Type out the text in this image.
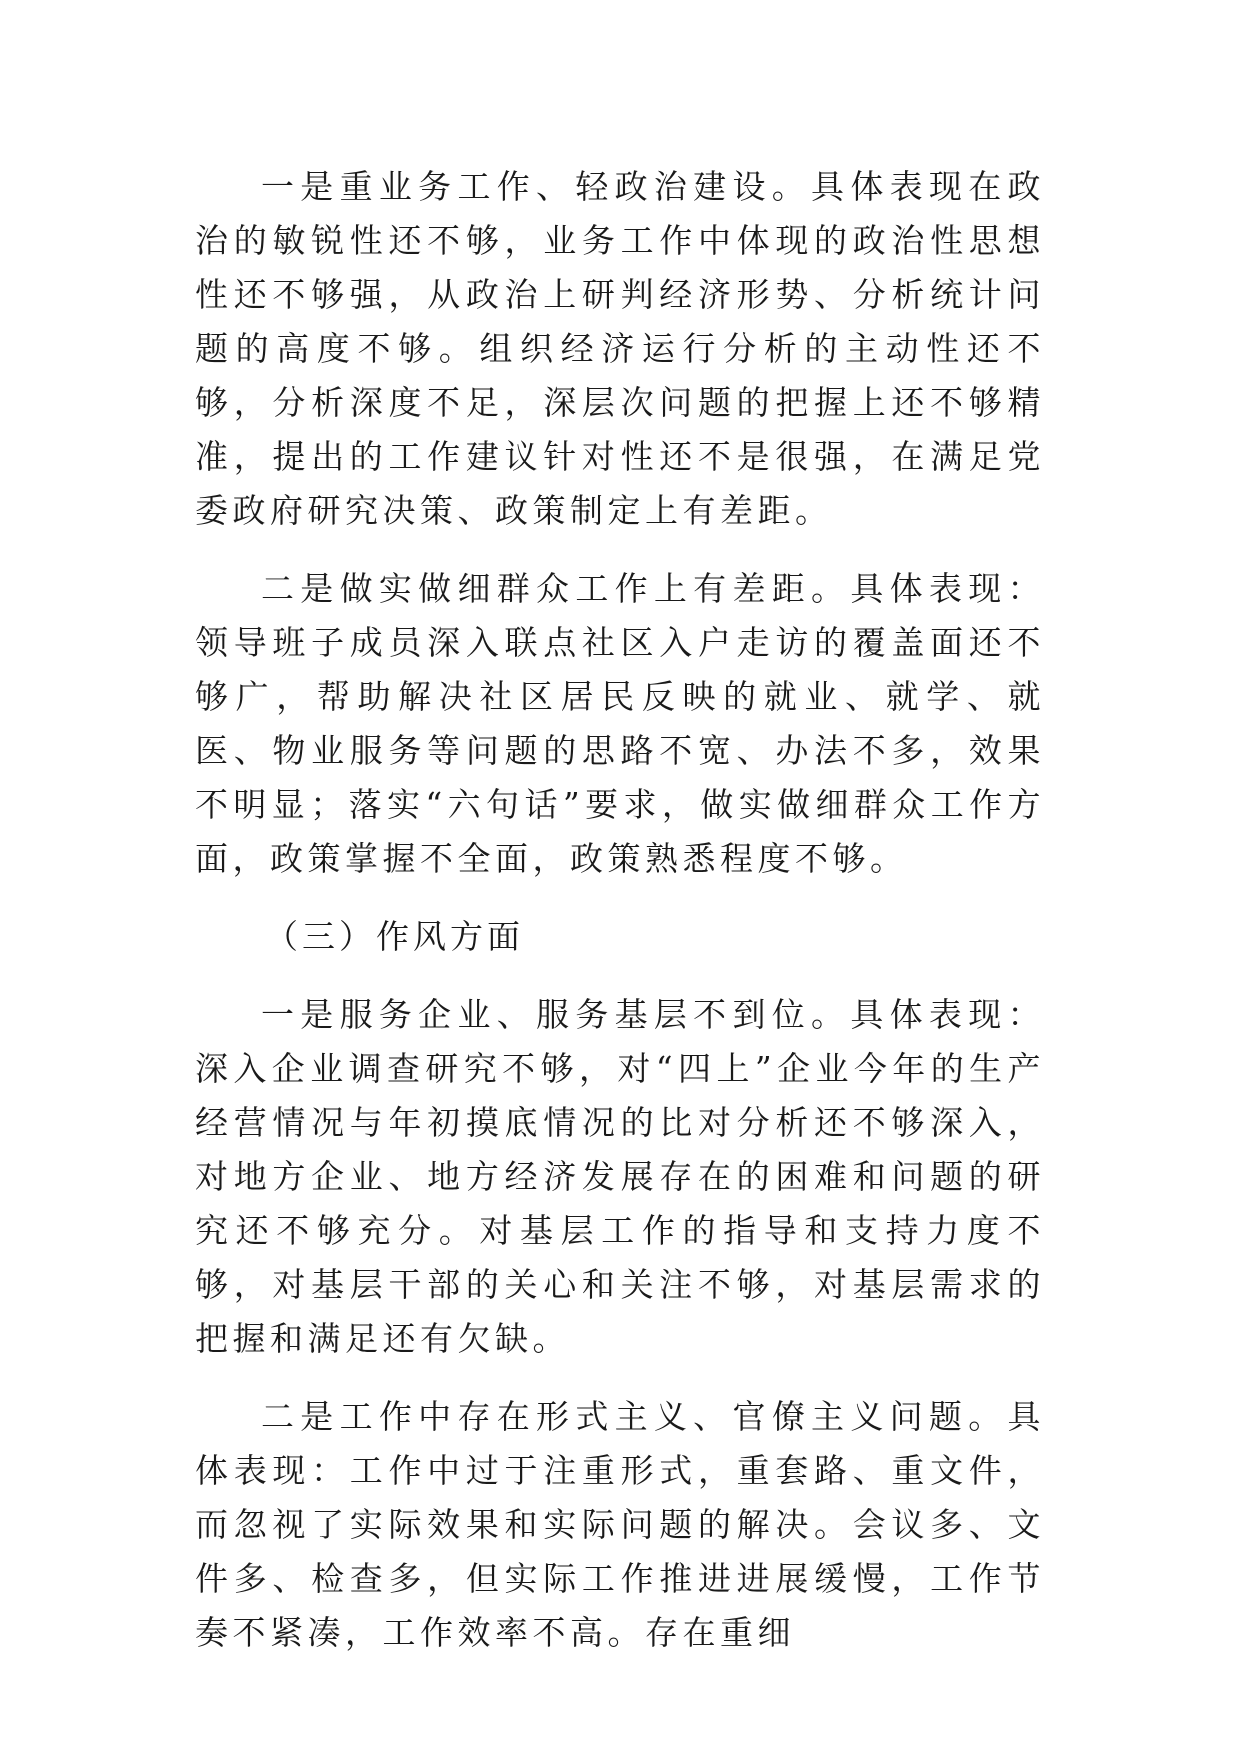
一是重业务工作、轻政治建设。具体表现在政治的敏锐性还不够，业务工作中体现的政治性思想性还不够强，从政治上研判经济形势、分析统计问题的高度不够。组织经济运行分析的主动性还不够，分析深度不足，深层次问题的把握上还不够精准，提出的工作建议针对性还不是很强，在满足党委政府研究决策、政策制定上有差距。

二是做实做细群众工作上有差距。具体表现：领导班子成员深入联点社区入户走访的覆盖面还不够广，帮助解决社区居民反映的就业、就学、就医、物业服务等问题的思路不宽、办法不多，效果不明显；落实“六句话”要求，做实做细群众工作方面，政策掌握不全面，政策熟悉程度不够。

（三）作风方面

一是服务企业、服务基层不到位。具体表现：深入企业调查研究不够，对“四上”企业今年的生产经营情况与年初摸底情况的比对分析还不够深入，对地方企业、地方经济发展存在的困难和问题的研究还不够充分。对基层工作的指导和支持力度不够，对基层干部的关心和关注不够，对基层需求的把握和满足还有欠缺。

二是工作中存在形式主义、官僚主义问题。具体表现：工作中过于注重形式，重套路、重文件，而忽视了实际效果和实际问题的解决。会议多、文件多、检查多，但实际工作推进进展缓慢，工作节奏不紧凑，工作效率不高。存在重细
